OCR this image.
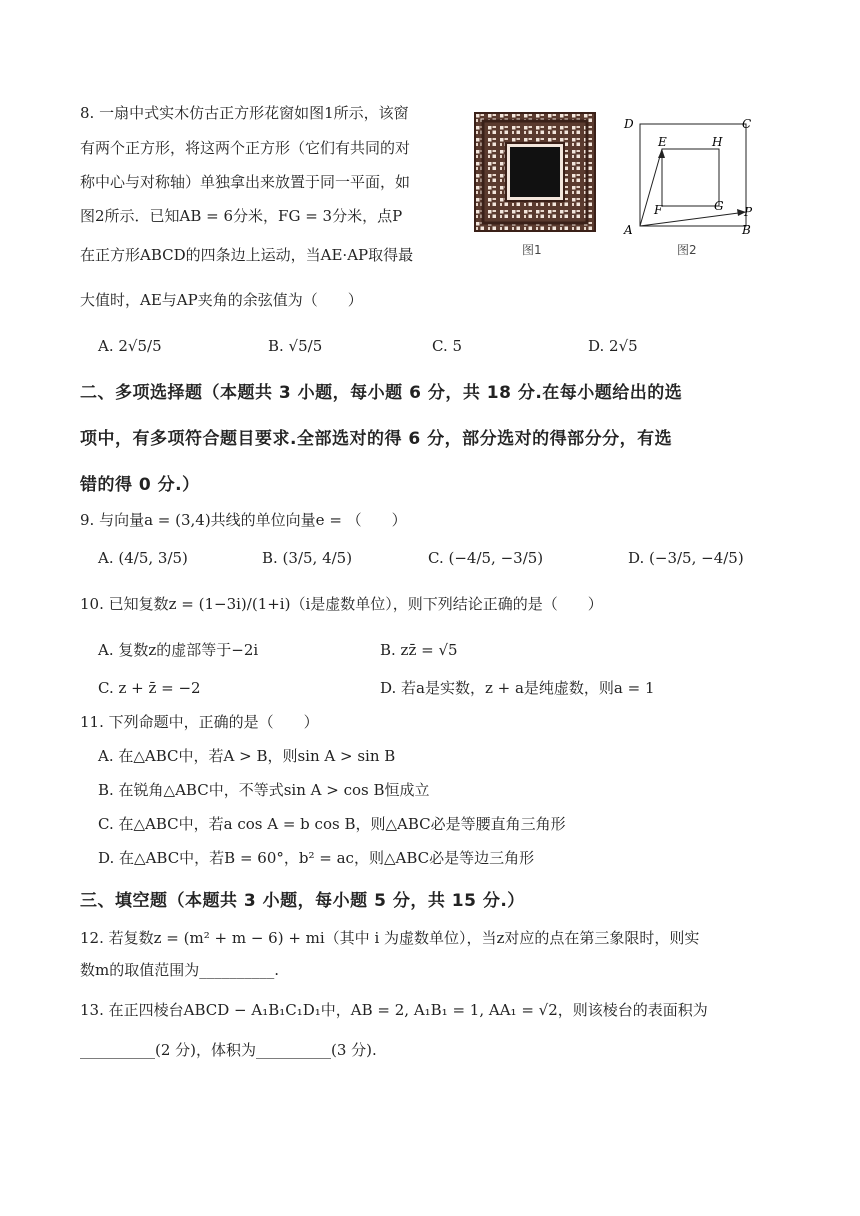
8. 一扇中式实木仿古正方形花窗如图1所示，该窗
有两个正方形，将这两个正方形（它们有共同的对
称中心与对称轴）单独拿出来放置于同一平面，如
图2所示．已知AB = 6分米，FG = 3分米，点P
在正方形ABCD的四条边上运动，当AE·AP取得最
大值时，AE与AP夹角的余弦值为（　　）
图1
D	C
E	H
F	G P
A	B
图2
A. 2√5/5	B. √5/5	C. 5	D. 2√5
二、多项选择题（本题共 3 小题，每小题 6 分，共 18 分.在每小题给出的选
项中，有多项符合题目要求.全部选对的得 6 分，部分选对的得部分分，有选
错的得 0 分.）
9. 与向量a = (3,4)共线的单位向量e = （　　）
A. (4/5, 3/5)	B. (3/5, 4/5)	C. (−4/5, −3/5)	D. (−3/5, −4/5)
10. 已知复数z = (1−3i)/(1+i)（i是虚数单位），则下列结论正确的是（　　）
A. 复数z的虚部等于−2i	B. zz̄ = √5
C. z + z̄ = −2	D. 若a是实数，z + a是纯虚数，则a = 1
11. 下列命题中，正确的是（　　）
A. 在△ABC中，若A > B，则sin A > sin B
B. 在锐角△ABC中，不等式sin A > cos B恒成立
C. 在△ABC中，若a cos A = b cos B，则△ABC必是等腰直角三角形
D. 在△ABC中，若B = 60°，b² = ac，则△ABC必是等边三角形
三、填空题（本题共 3 小题，每小题 5 分，共 15 分.）
12. 若复数z = (m² + m − 6) + mi（其中 i 为虚数单位），当z对应的点在第三象限时，则实
数m的取值范围为__________.
13. 在正四棱台ABCD − A₁B₁C₁D₁中，AB = 2, A₁B₁ = 1, AA₁ = √2，则该棱台的表面积为
__________(2 分)，体积为__________(3 分).
